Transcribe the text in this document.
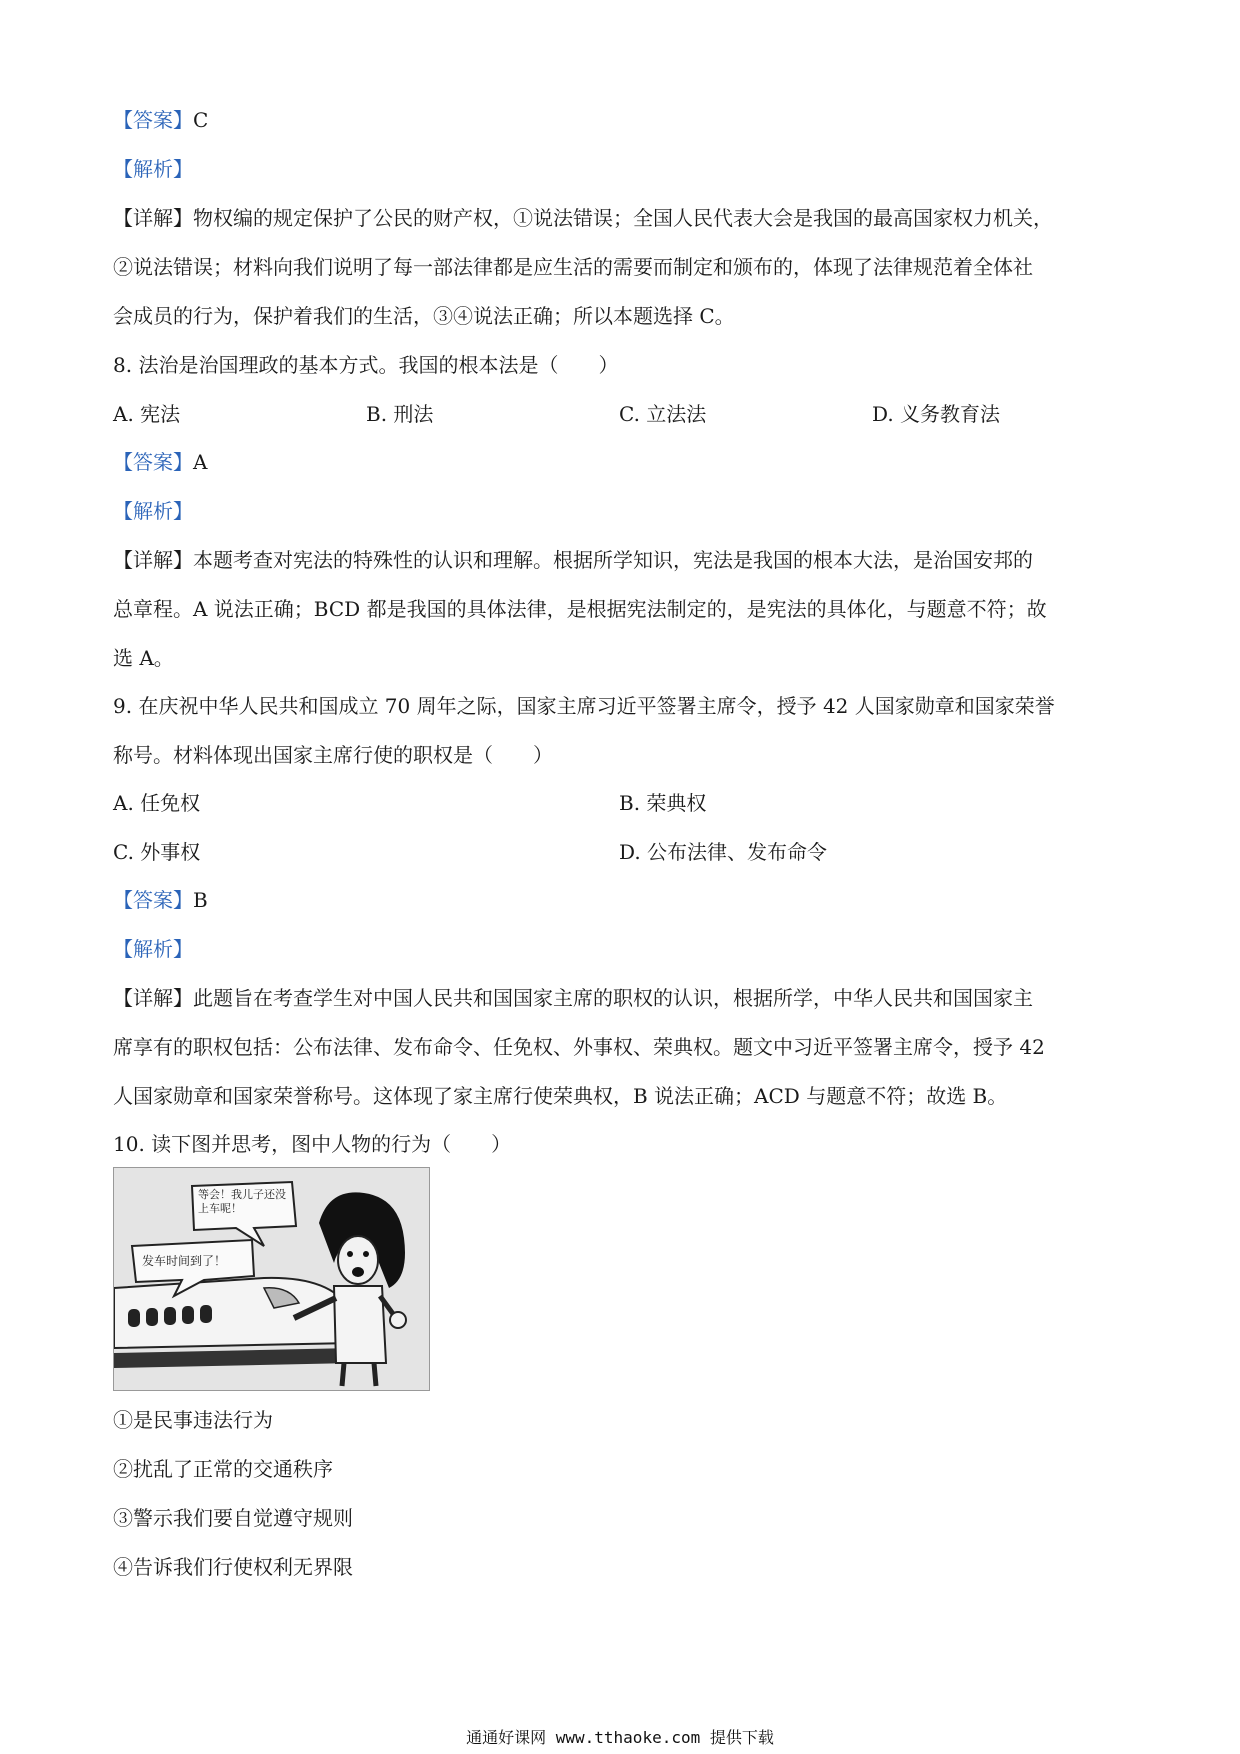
【答案】C
【解析】
【详解】物权编的规定保护了公民的财产权，①说法错误；全国人民代表大会是我国的最高国家权力机关，
②说法错误；材料向我们说明了每一部法律都是应生活的需要而制定和颁布的，体现了法律规范着全体社
会成员的行为，保护着我们的生活，③④说法正确；所以本题选择 C。
8. 法治是治国理政的基本方式。我国的根本法是（　　）
A. 宪法	B. 刑法	C. 立法法	D. 义务教育法
【答案】A
【解析】
【详解】本题考查对宪法的特殊性的认识和理解。根据所学知识，宪法是我国的根本大法，是治国安邦的
总章程。A 说法正确；BCD 都是我国的具体法律，是根据宪法制定的，是宪法的具体化，与题意不符；故
选 A。
9. 在庆祝中华人民共和国成立 70 周年之际，国家主席习近平签署主席令，授予 42 人国家勋章和国家荣誉
称号。材料体现出国家主席行使的职权是（　　）
A. 任免权	B. 荣典权
C. 外事权	D. 公布法律、发布命令
【答案】B
【解析】
【详解】此题旨在考查学生对中国人民共和国国家主席的职权的认识，根据所学，中华人民共和国国家主
席享有的职权包括：公布法律、发布命令、任免权、外事权、荣典权。题文中习近平签署主席令，授予 42
人国家勋章和国家荣誉称号。这体现了家主席行使荣典权，B 说法正确；ACD 与题意不符；故选 B。
10. 读下图并思考，图中人物的行为（　　）
等会！我儿子还没上车呢！
发车时间到了！
①是民事违法行为
②扰乱了正常的交通秩序
③警示我们要自觉遵守规则
④告诉我们行使权利无界限
通通好课网 www.tthaoke.com 提供下载
